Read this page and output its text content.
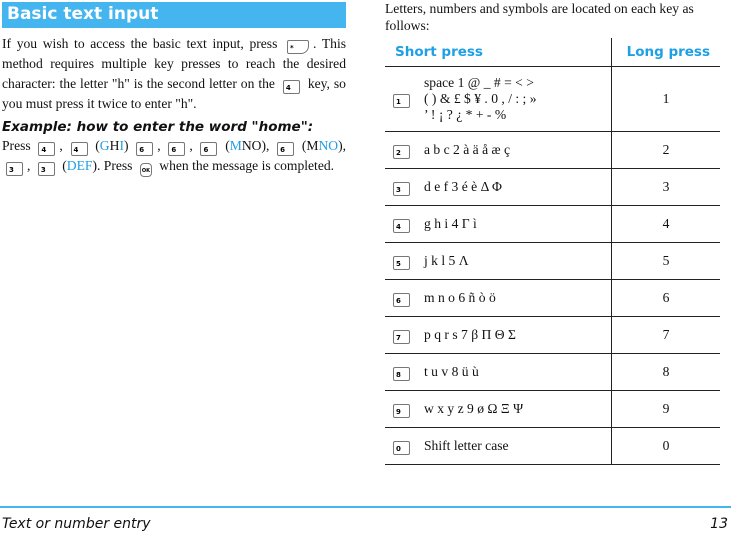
Basic text input

If you wish to access the basic text input, press * . This method requires multiple key presses to reach the desired character: the letter "h" is the second letter on the 4 key, so you must press it twice to enter "h".

Example: how to enter the word "home":

Press 4 , 4 (GHI) 6 , 6 , 6 (MNO), 6 (MNO), 3 , 3 (DEF). Press OK when the message is completed.

Letters, numbers and symbols are located on each key as follows:

Short press		Long press
1	space 1 @ _ # = < > ( ) & £ $ ¥ . 0 , / : ; » ’ ! ¡ ? ¿ * + - %	1
2	a b c 2 à ä å æ ç	2
3	d e f 3 é è Δ Φ	3
4	g h i 4 Γ ì	4
5	j k l 5 Λ	5
6	m n o 6 ñ ò ö	6
7	p q r s 7 β Π Θ Σ	7
8	t u v 8 ü ù	8
9	w x y z 9 ø Ω Ξ Ψ	9
0	Shift letter case	0
Text or number entry	13
